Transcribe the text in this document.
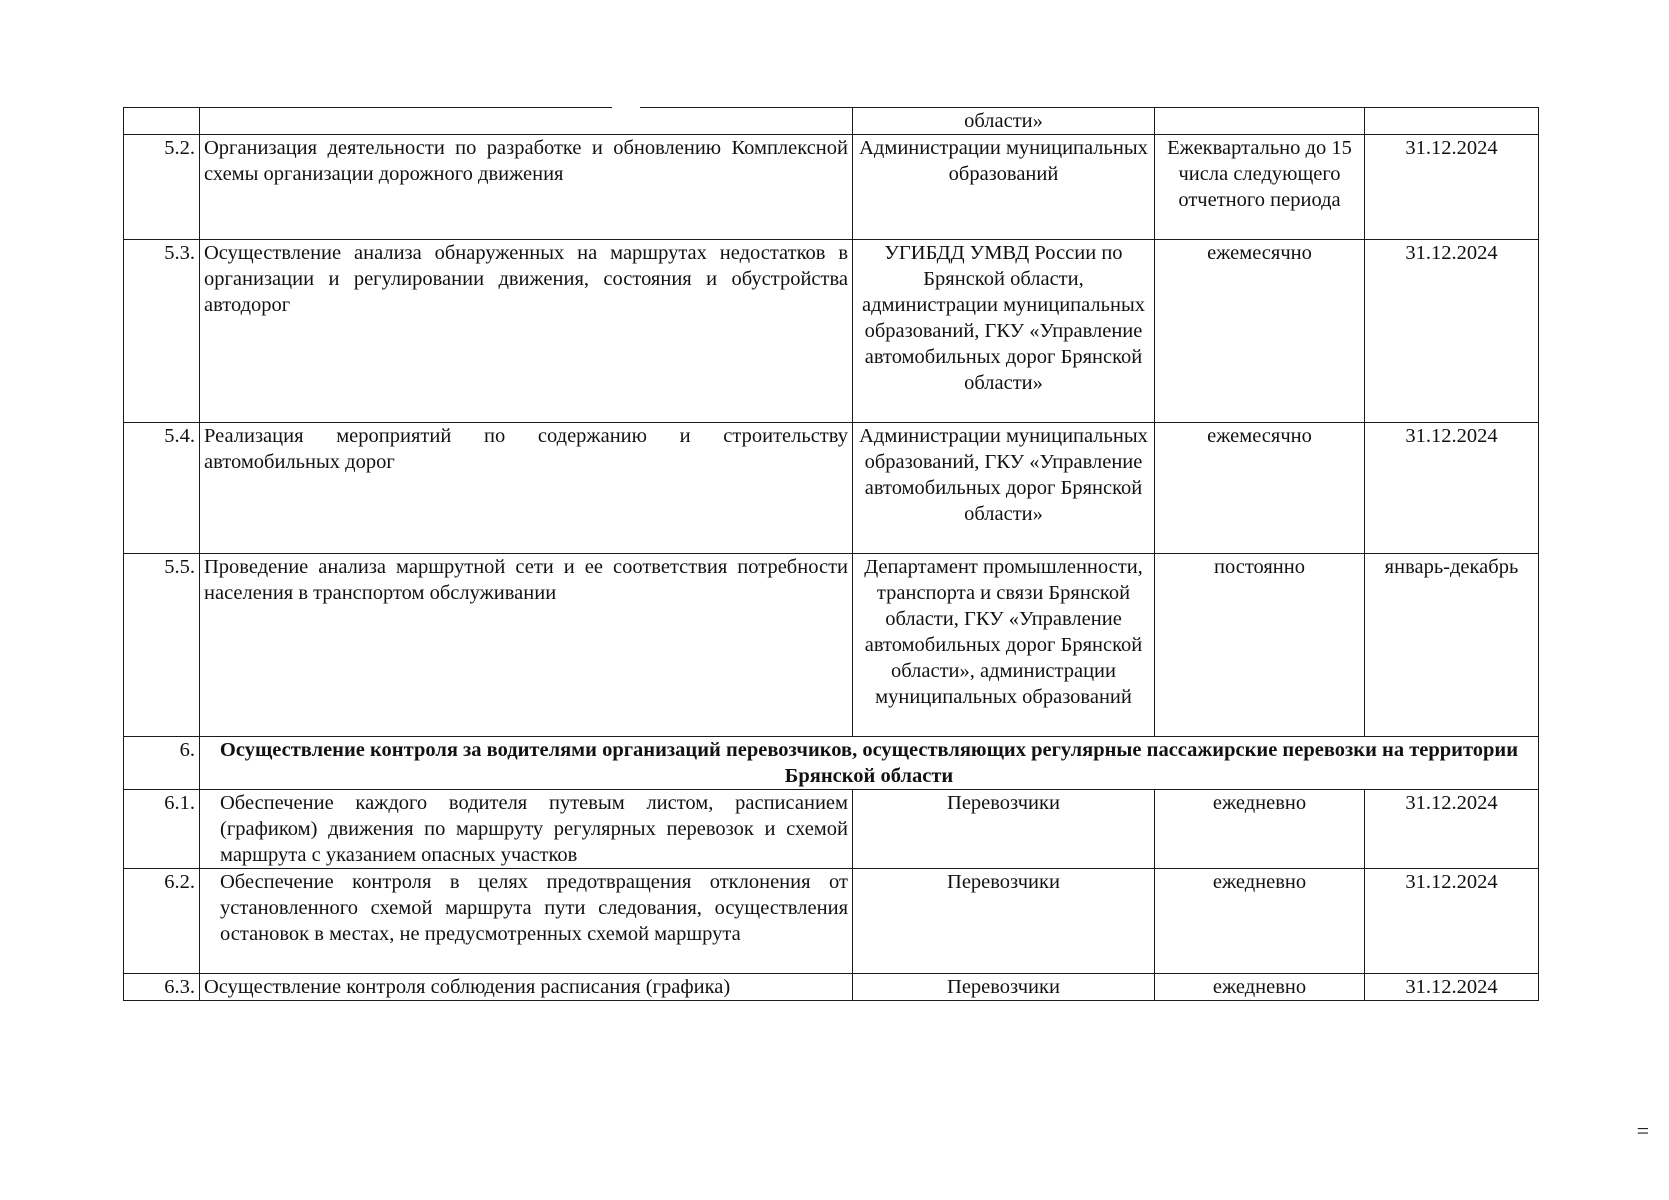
		области»		
5.2.	Организация деятельности по разработке и обновлению Комплексной схемы организации дорожного движения	Администрации муниципальных образований	Ежеквартально до 15 числа следующего отчетного периода	31.12.2024
5.3.	Осуществление анализа обнаруженных на маршрутах недостатков в организации и регулировании движения, состояния и обустройства автодорог	УГИБДД УМВД России по Брянской области, администрации муниципальных образований, ГКУ «Управление автомобильных дорог Брянской области»	ежемесячно	31.12.2024
5.4.	Реализация мероприятий по содержанию и строительству автомобильных дорог	Администрации муниципальных образований, ГКУ «Управление автомобильных дорог Брянской области»	ежемесячно	31.12.2024
5.5.	Проведение анализа маршрутной сети и ее соответствия потребности населения в транспортом обслуживании	Департамент промышленности, транспорта и связи Брянской области, ГКУ «Управление автомобильных дорог Брянской области», администрации муниципальных образований	постоянно	январь-декабрь
6.	Осуществление контроля за водителями организаций перевозчиков, осуществляющих регулярные пассажирские перевозки на территории Брянской области			
6.1.	Обеспечение каждого водителя путевым листом, расписанием (графиком) движения по маршруту регулярных перевозок и схемой маршрута с указанием опасных участков	Перевозчики	ежедневно	31.12.2024
6.2.	Обеспечение контроля в целях предотвращения отклонения от установленного схемой маршрута пути следования, осуществления остановок в местах, не предусмотренных схемой маршрута	Перевозчики	ежедневно	31.12.2024
6.3.	Осуществление контроля соблюдения расписания (графика)	Перевозчики	ежедневно	31.12.2024
=
